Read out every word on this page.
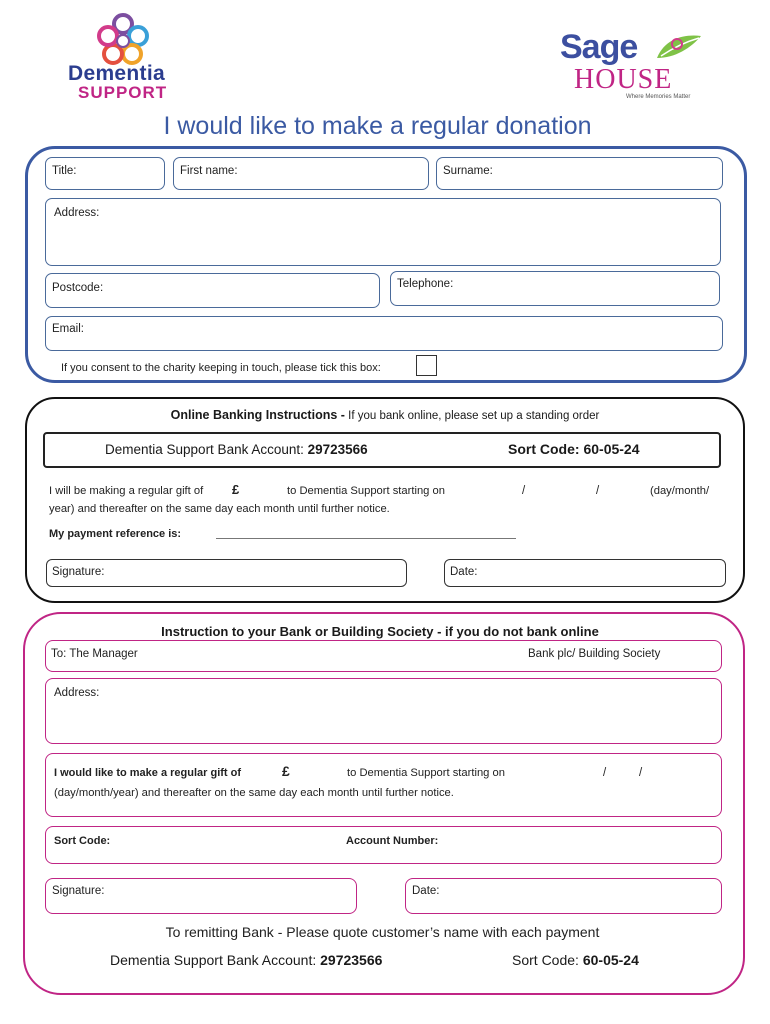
Dementia
SUPPORT
Sage
HOUSE
Where Memories Matter
I would like to make a regular donation
Title:	First name:	Surname:
Address:
Postcode:	Telephone:
Email:
If you consent to the charity keeping in touch, please tick this box:
Online Banking Instructions - If you bank online, please set up a standing order
Dementia Support Bank Account: 29723566	Sort Code: 60-05-24
I will be making a regular gift of £	to Dementia Support starting on	/	/	(day/month/
year) and thereafter on the same day each month until further notice.
My payment reference is:
Signature:	Date:
Instruction to your Bank or Building Society - if you do not bank online
To: The Manager	Bank plc/ Building Society
Address:
I would like to make a regular gift of	£	to Dementia Support starting on	/	/
(day/month/year) and thereafter on the same day each month until further notice.
Sort Code:	Account Number:
Signature:	Date:
To remitting Bank - Please quote customer’s name with each payment
Dementia Support Bank Account: 29723566	Sort Code: 60-05-24
